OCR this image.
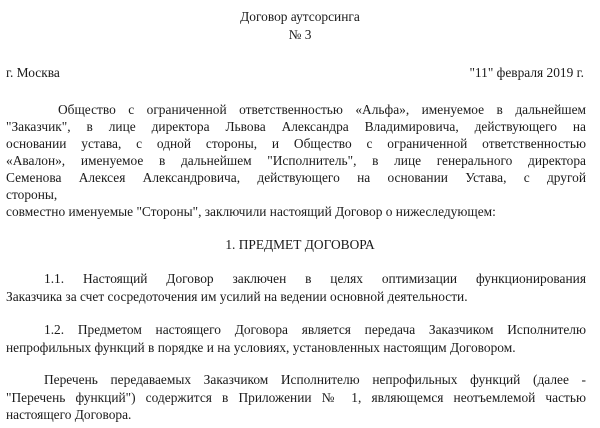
Договор аутсорсинга
№ 3
г. Москва	"11" февраля 2019 г.
Общество с ограниченной ответственностью «Альфа», именуемое в дальнейшем
"Заказчик", в лице директора Львова Александра Владимировича, действующего на
основании устава, с одной стороны, и Общество с ограниченной ответственностью
«Авалон», именуемое в дальнейшем "Исполнитель", в лице генерального директора
Семенова Алексея Александровича, действующего на основании Устава, с другой
стороны,
совместно именуемые "Стороны", заключили настоящий Договор о нижеследующем:
1. ПРЕДМЕТ ДОГОВОРА
1.1. Настоящий Договор заключен в целях оптимизации функционирования
Заказчика за счет сосредоточения им усилий на ведении основной деятельности.
1.2. Предметом настоящего Договора является передача Заказчиком Исполнителю
непрофильных функций в порядке и на условиях, установленных настоящим Договором.
Перечень передаваемых Заказчиком Исполнителю непрофильных функций (далее -
"Перечень функций") содержится в Приложении № 1, являющемся неотъемлемой частью
настоящего Договора.
